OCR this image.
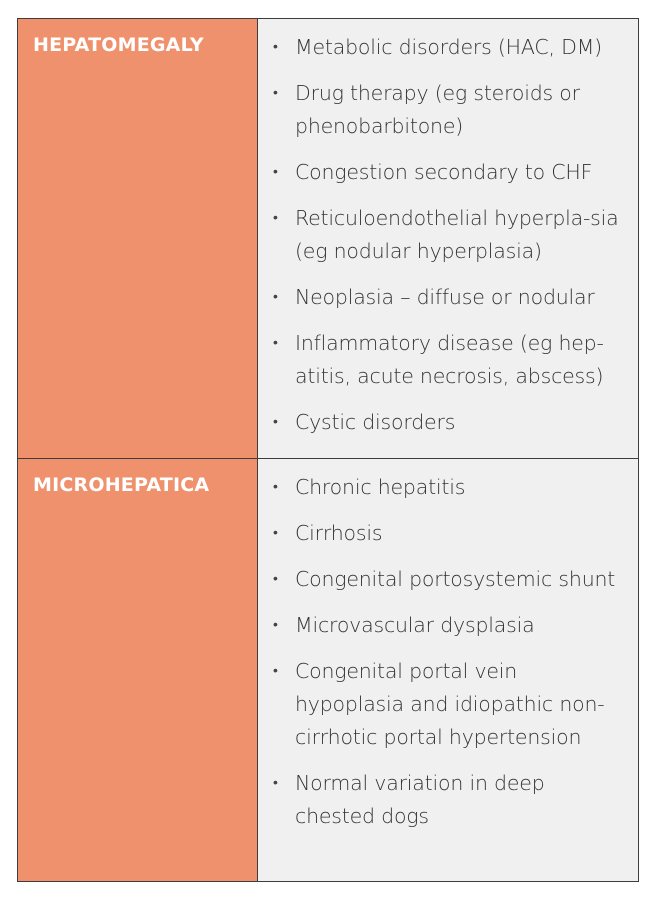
HEPATOMEGALY	• Metabolic disorders (HAC, DM)
• Drug therapy (eg steroids or phenobarbitone)
• Congestion secondary to CHF
• Reticuloendothelial hyperpla-sia (eg nodular hyperplasia)
• Neoplasia – diffuse or nodular
• Inflammatory disease (eg hep-atitis, acute necrosis, abscess)
• Cystic disorders
MICROHEPATICA	• Chronic hepatitis
• Cirrhosis
• Congenital portosystemic shunt
• Microvascular dysplasia
• Congenital portal vein hypoplasia and idiopathic non-cirrhotic portal hypertension
• Normal variation in deep chested dogs
